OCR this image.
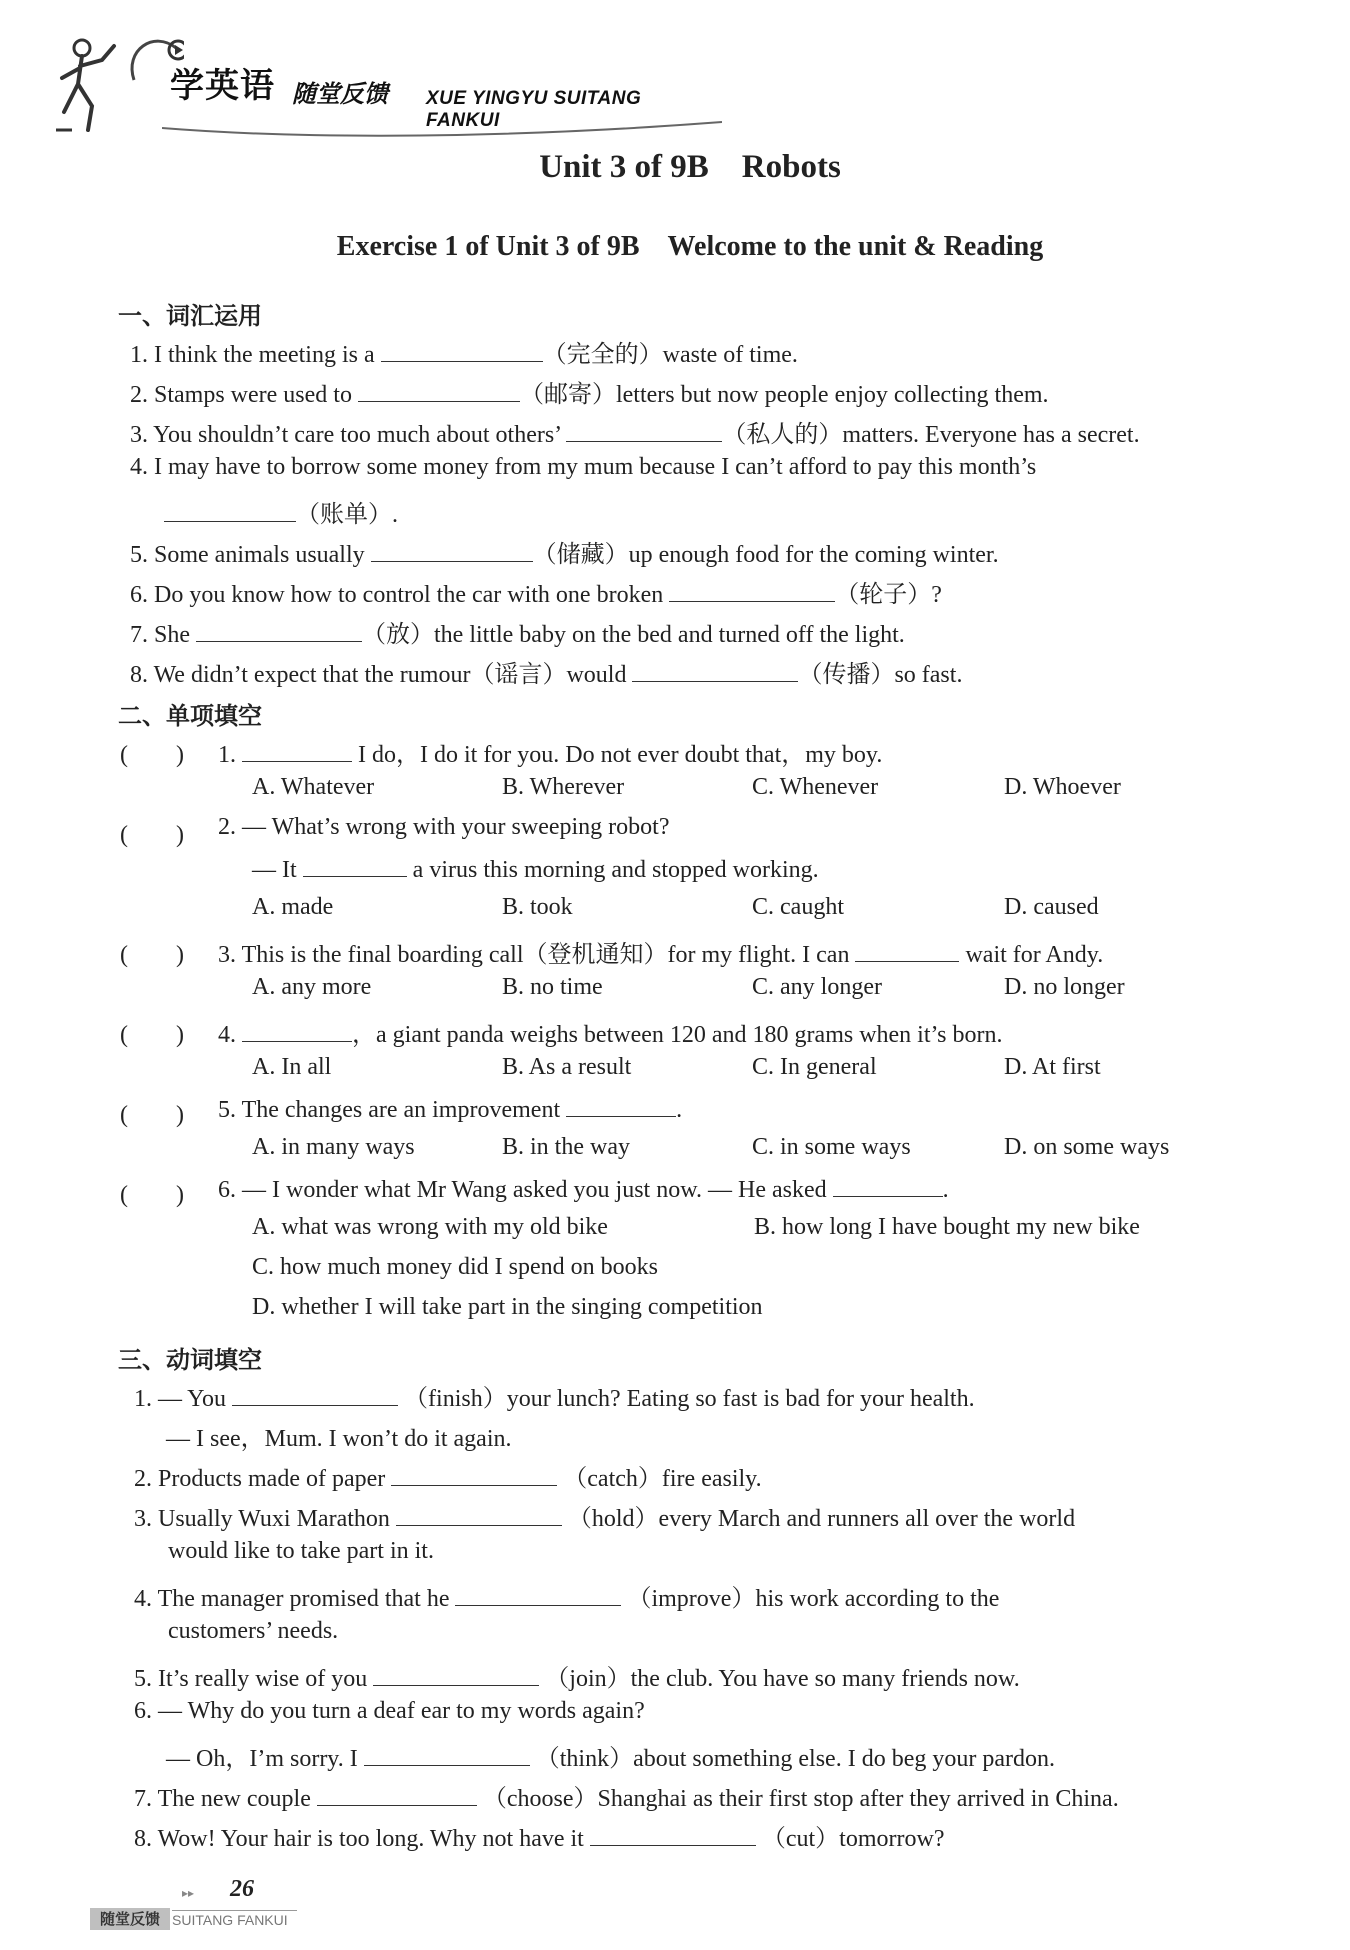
学英语 随堂反馈 XUE YINGYU SUITANG FANKUI
Unit 3 of 9B　Robots
Exercise 1 of Unit 3 of 9B　Welcome to the unit & Reading
一、词汇运用
1. I think the meeting is a	（完全的）waste of time.
2. Stamps were used to	（邮寄）letters but now people enjoy collecting them.
3. You shouldn’t care too much about others’	（私人的）matters. Everyone has a secret.
4. I may have to borrow some money from my mum because I can’t afford to pay this month’s
（账单）.
5. Some animals usually	（储藏）up enough food for the coming winter.
6. Do you know how to control the car with one broken	（轮子）?
7. She	（放）the little baby on the bed and turned off the light.
8. We didn’t expect that the rumour（谣言）would	（传播）so fast.
二、单项填空
(　　) 1.	I do，I do it for you. Do not ever doubt that，my boy.
A. Whatever	B. Wherever	C. Whenever	D. Whoever
(　　) 2. — What’s wrong with your sweeping robot?
— It	a virus this morning and stopped working.
A. made	B. took	C. caught	D. caused
(　　) 3. This is the final boarding call（登机通知）for my flight. I can	wait for Andy.
A. any more	B. no time	C. any longer	D. no longer
(　　) 4.	，a giant panda weighs between 120 and 180 grams when it’s born.
A. In all	B. As a result	C. In general	D. At first
(　　) 5. The changes are an improvement	.
A. in many ways	B. in the way	C. in some ways	D. on some ways
(　　) 6. — I wonder what Mr Wang asked you just now. — He asked	.
A. what was wrong with my old bike	B. how long I have bought my new bike
C. how much money did I spend on books
D. whether I will take part in the singing competition
三、动词填空
1. — You	（finish）your lunch? Eating so fast is bad for your health.
— I see，Mum. I won’t do it again.
2. Products made of paper	（catch）fire easily.
3. Usually Wuxi Marathon	（hold）every March and runners all over the world
would like to take part in it.
4. The manager promised that he	（improve）his work according to the
customers’ needs.
5. It’s really wise of you	（join）the club. You have so many friends now.
6. — Why do you turn a deaf ear to my words again?
— Oh，I’m sorry. I	（think）about something else. I do beg your pardon.
7. The new couple	（choose）Shanghai as their first stop after they arrived in China.
8. Wow! Your hair is too long. Why not have it	（cut）tomorrow?
▸▸ 26
随堂反馈 SUITANG FANKUI
